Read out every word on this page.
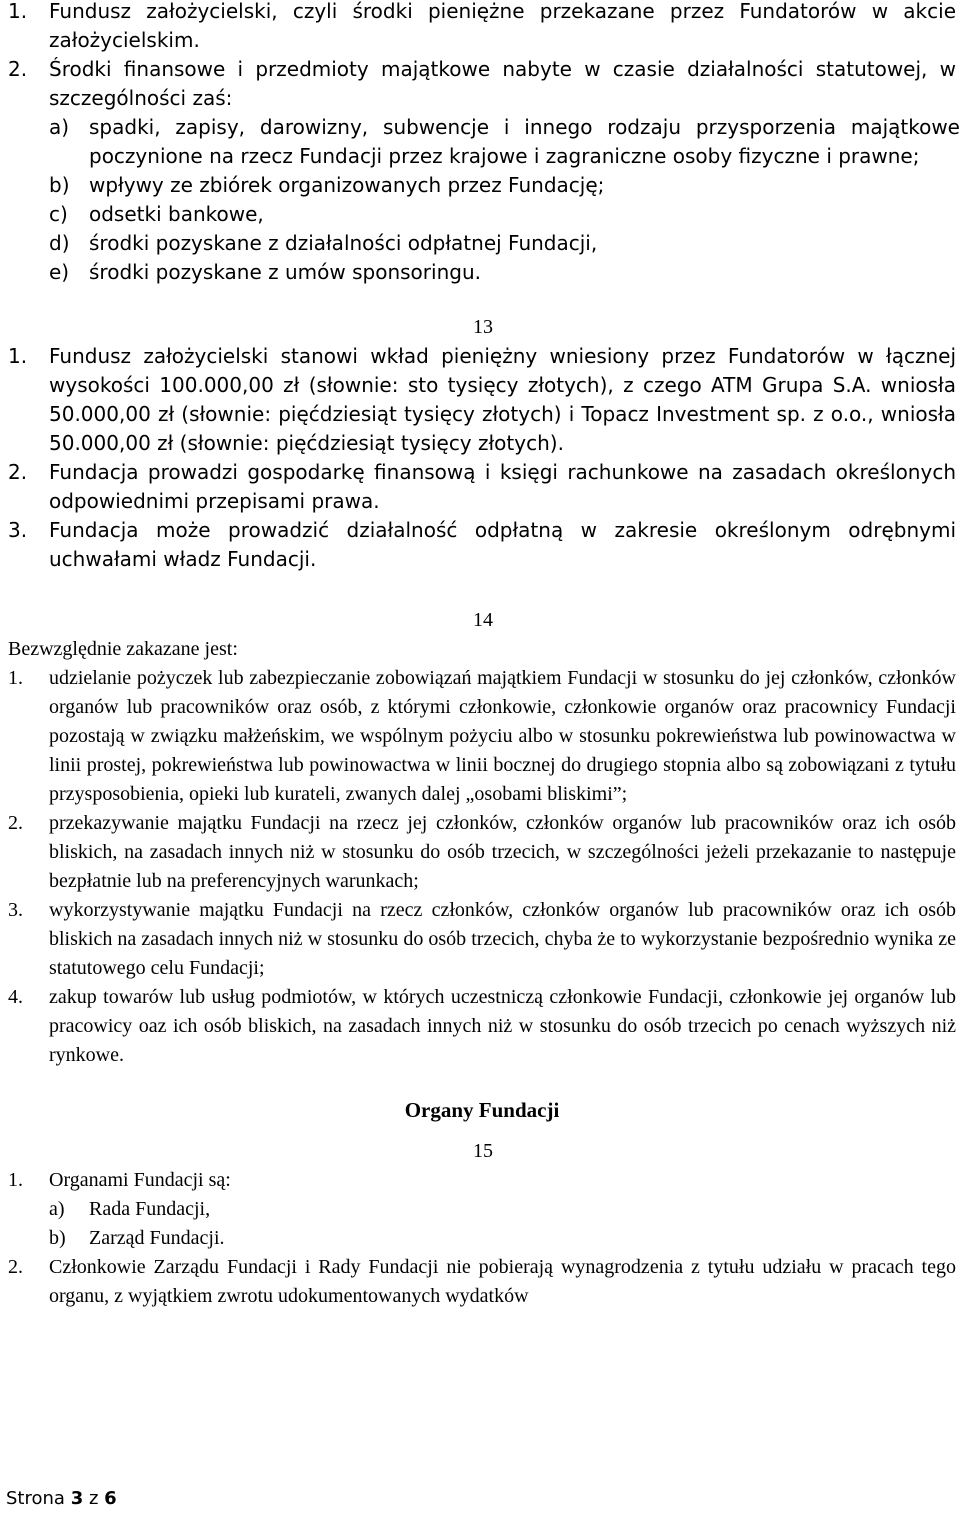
1.	Fundusz założycielski, czyli środki pieniężne przekazane przez Fundatorów w akcie założycielskim.
2.	Środki finansowe i przedmioty majątkowe nabyte w czasie działalności statutowej, w szczególności zaś:
a) spadki, zapisy, darowizny, subwencje i innego rodzaju przysporzenia majątkowe poczynione na rzecz Fundacji przez krajowe i zagraniczne osoby fizyczne i prawne;
b) wpływy ze zbiórek organizowanych przez Fundację;
c)	odsetki bankowe,
d) środki pozyskane z działalności odpłatnej Fundacji,
e) środki pozyskane z umów sponsoringu.
13
1.	Fundusz założycielski stanowi wkład pieniężny wniesiony przez Fundatorów w łącznej wysokości 100.000,00 zł (słownie: sto tysięcy złotych), z czego ATM Grupa S.A. wniosła 50.000,00 zł (słownie: pięćdziesiąt tysięcy złotych) i Topacz Investment sp. z o.o., wniosła 50.000,00 zł (słownie: pięćdziesiąt tysięcy złotych).
2.	Fundacja prowadzi gospodarkę finansową i księgi rachunkowe na zasadach określonych odpowiednimi przepisami prawa.
3.	Fundacja może prowadzić działalność odpłatną w zakresie określonym odrębnymi uchwałami władz Fundacji.
14
Bezwzględnie zakazane jest:
1.	udzielanie pożyczek lub zabezpieczanie zobowiązań majątkiem Fundacji w stosunku do jej członków, członków organów lub pracowników oraz osób, z którymi członkowie, członkowie organów oraz pracownicy Fundacji pozostają w związku małżeńskim, we wspólnym pożyciu albo w stosunku pokrewieństwa lub powinowactwa w linii prostej, pokrewieństwa lub powinowactwa w linii bocznej do drugiego stopnia albo są zobowiązani z tytułu przysposobienia, opieki lub kurateli, zwanych dalej „osobami bliskimi”;
2.	przekazywanie majątku Fundacji na rzecz jej członków, członków organów lub pracowników oraz ich osób bliskich, na zasadach innych niż w stosunku do osób trzecich, w szczególności jeżeli przekazanie to następuje bezpłatnie lub na preferencyjnych warunkach;
3.	wykorzystywanie majątku Fundacji na rzecz członków, członków organów lub pracowników oraz ich osób bliskich na zasadach innych niż w stosunku do osób trzecich, chyba że to wykorzystanie bezpośrednio wynika ze statutowego celu Fundacji;
4.	zakup towarów lub usług podmiotów, w których uczestniczą członkowie Fundacji, członkowie jej organów lub pracowicy oaz ich osób bliskich, na zasadach innych niż w stosunku do osób trzecich po cenach wyższych niż rynkowe.
Organy Fundacji
15
1.	Organami Fundacji są:
a)	Rada Fundacji,
b)	Zarząd Fundacji.
2.	Członkowie Zarządu Fundacji i Rady Fundacji nie pobierają wynagrodzenia z tytułu udziału w pracach tego organu, z wyjątkiem zwrotu udokumentowanych wydatków
Strona 3 z 6
